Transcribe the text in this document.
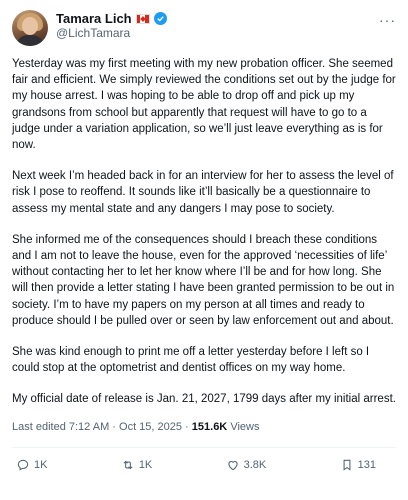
Tamara Lich
@LichTamara
···

Yesterday was my first meeting with my new probation officer. She seemed fair and efficient. We simply reviewed the conditions set out by the judge for my house arrest. I was hoping to be able to drop off and pick up my grandsons from school but apparently that request will have to go to a judge under a variation application, so we’ll just leave everything as is for now.

Next week I’m headed back in for an interview for her to assess the level of risk I pose to reoffend. It sounds like it’ll basically be a questionnaire to assess my mental state and any dangers I may pose to society.

She informed me of the consequences should I breach these conditions and I am not to leave the house, even for the approved ‘necessities of life’ without contacting her to let her know where I’ll be and for how long. She will then provide a letter stating I have been granted permission to be out in society. I’m to have my papers on my person at all times and ready to produce should I be pulled over or seen by law enforcement out and about.

She was kind enough to print me off a letter yesterday before I left so I could stop at the optometrist and dentist offices on my way home.

My official date of release is Jan. 21, 2027, 1799 days after my initial arrest.

Last edited 7:12 AM · Oct 15, 2025 · 151.6K Views
1K	1K	3.8K	131
